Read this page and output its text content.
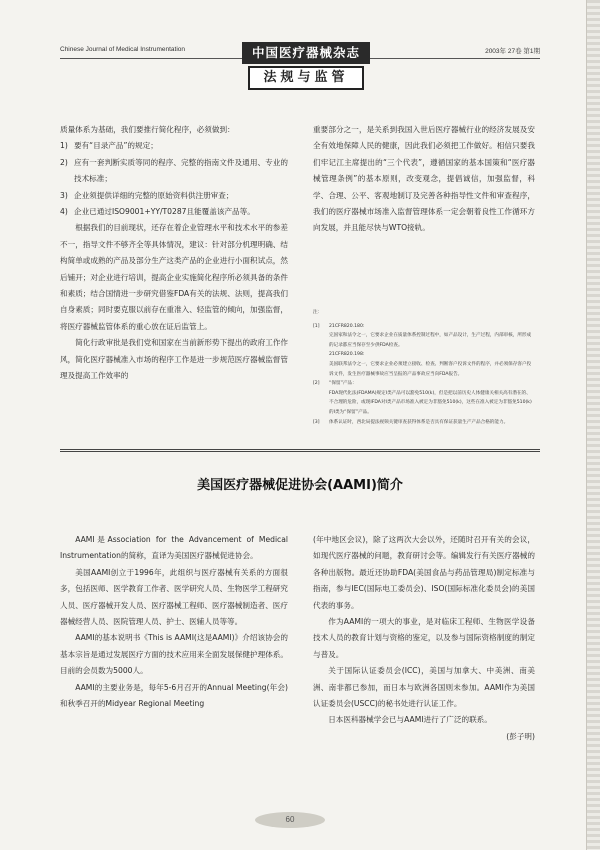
Chinese Journal of Medical Instrumentation	2003年 27卷 第1期
中国医疗器械杂志
法规与监管

质量体系为基础，我们要推行简化程序，必须做到：

1) 要有“目录产品”的规定；
2) 应有一套判断实质等同的程序、完整的指南文件及通用、专业的技术标准；
3) 企业须提供详细的完整的原始资料供注册审查；
4) 企业已通过ISO9001+YY/T0287且能覆盖该产品等。

根据我们的目前现状，还存在着企业管理水平和技术水平的参差不一，指导文件不够齐全等具体情况，建议：针对部分机理明确、结构简单或成熟的产品及部分生产这类产品的企业进行小面积试点，然后铺开；对企业进行培训，提高企业实施简化程序所必须具备的条件和素质；结合国情进一步研究借鉴FDA有关的法规、法则，提高我们自身素质；同时要克服以前存在重准入、轻监管的倾向，加强监督，将医疗器械监管体系的重心放在证后监管上。

简化行政审批是我们党和国家在当前新形势下提出的政府工作作风，简化医疗器械准入市场的程序工作是进一步规范医疗器械监督管理及提高工作效率的

重要部分之一，是关系到我国入世后医疗器械行业的经济发展及安全有效地保障人民的健康，因此我们必须把工作做好。相信只要我们牢记江主席提出的“三个代表”，遵循国家的基本国策和“医疗器械管理条例”的基本原则，改变观念，提倡诚信，加强监督，科学、合理、公平、客观地制订及完善各种指导性文件和审查程序，我们的医疗器械市场准入监督管理体系一定会朝着良性工作循环方向发展，并且能尽快与WTO接轨。

注：
[1]	21CFR820.180:
完国家和法令之一，它要求企业在质量体系控制过程中，如产品设计，生产过程，内部审核，所形成的记录都应当保存至少供FDA检查。
21CFR820.198:
美国联邦法令之一，它要求企业必须建立接收、检查、判断客户投诉文件的程序，并必须保存客户投诉文件，发生医疗器械事故应当呈报的产品事故应当向FDA报告。
[2]	“保留”产品：
FDA现代化法(FDAMA)规定I类产品可以豁免510(k)，但是把以前历史人体健康关相关高有潜在的、不合理的危险，或现IFDA对I类产品市场准入被定为非豁免510(k)，这些在准入被定为非豁免510(k)的I类为“保留”产品。
[3]	体系认证时，西北局提法视频关键审查获得体系是否具有保证获量生产产品合格的能力。
美国医疗器械促进协会(AAMI)简介

AAMI是Association for the Advancement of Medical Instrumentation的简称，直译为美国医疗器械促进协会。

美国AAMI创立于1996年，此组织与医疗器械有关系的方面很多，包括医师、医学教育工作者、医学研究人员、生物医学工程研究人员、医疗器械开发人员、医疗器械工程师、医疗器械制造者、医疗器械经营人员、医院管理人员、护士、医辅人员等等。

AAMI的基本说明书《This is AAMI(这是AAMI)》介绍该协会的基本宗旨是通过发展医疗方面的技术应用来全面发展保健护理体系。目前的会员数为5000人。

AAMI的主要业务是，每年5-6月召开的Annual Meeting(年会)和秋季召开的Midyear Regional Meeting

(年中地区会议)，除了这两次大会以外，还随时召开有关的会议，如现代医疗器械的问题，教育研讨会等。编辑发行有关医疗器械的各种出版物。最近还协助FDA(美国食品与药品管理局)制定标准与指南，参与IEC(国际电工委员会)、ISO(国际标准化委员会)的美国代表的事务。

作为AAMI的一项大的事业，是对临床工程师、生物医学设备技术人员的教育计划与资格的鉴定，以及参与国际资格制度的制定与普及。

关于国际认证委员会(ICC)，美国与加拿大、中美洲、南美洲、南非都已参加，而日本与欧洲各国则未参加。AAMI作为美国认证委员会(USCC)的秘书处进行认证工作。

日本医科器械学会已与AAMI进行了广泛的联系。

(彭子明)

60
